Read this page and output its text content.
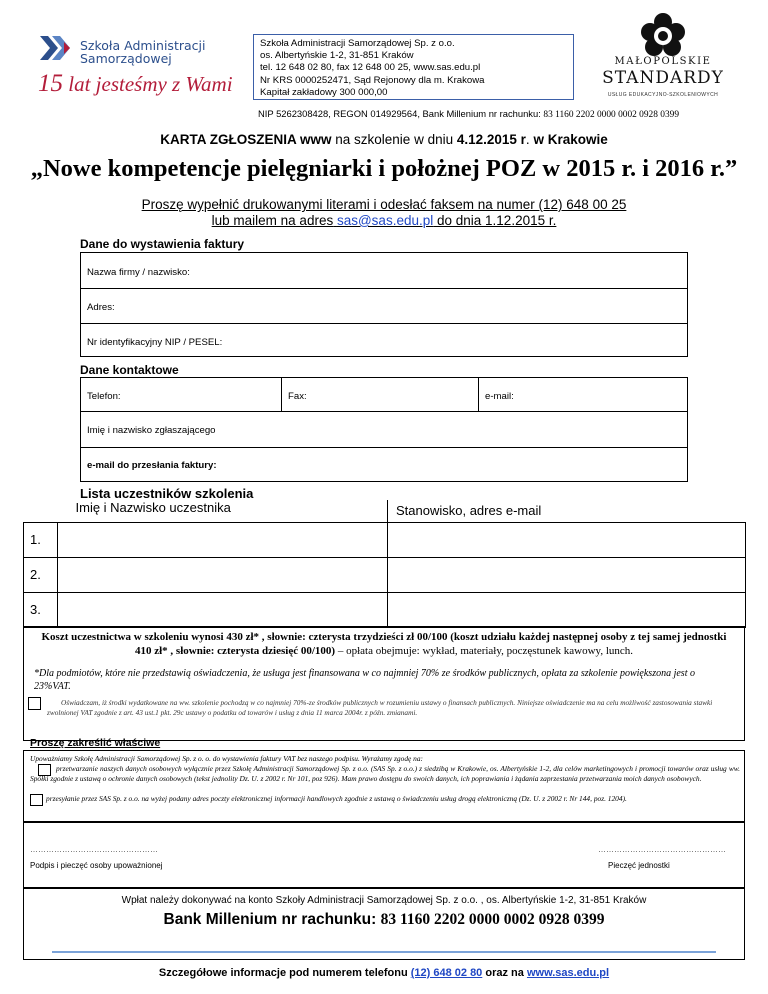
Szkoła Administracji
Samorządowej
15 lat jesteśmy z Wami
Szkoła Administracji Samorządowej Sp. z o.o.
os. Albertyńskie 1-2, 31-851 Kraków
tel. 12 648 02 80, fax 12 648 00 25, www.sas.edu.pl
Nr KRS 0000252471, Sąd Rejonowy dla m. Krakowa
Kapitał zakładowy 300 000,00
MAŁOPOLSKIE
STANDARDY
USŁUG EDUKACYJNO-SZKOLENIOWYCH
NIP 5262308428, REGON 014929564, Bank Millenium nr rachunku: 83 1160 2202 0000 0002 0928 0399
KARTA ZGŁOSZENIA www na szkolenie w dniu 4.12.2015 r. w Krakowie
„Nowe kompetencje pielęgniarki i położnej POZ w 2015 r. i 2016 r.”
Proszę wypełnić drukowanymi literami i odesłać faksem na numer (12) 648 00 25
lub mailem na adres sas@sas.edu.pl do dnia 1.12.2015 r.
Dane do wystawienia faktury
Nazwa firmy / nazwisko:
Adres:
Nr identyfikacyjny NIP / PESEL:
Dane kontaktowe
Telefon:	Fax:	e-mail:
Imię i nazwisko zgłaszającego
e-mail do przesłania faktury:
Lista uczestników szkolenia
	Imię i Nazwisko uczestnika	Stanowisko, adres e-mail
1.		
2.		
3.		
Koszt uczestnictwa w szkoleniu wynosi 430 zł* , słownie: czterysta trzydzieści zł 00/100 (koszt udziału każdej następnej osoby z tej samej jednostki 410 zł* , słownie: czterysta dziesięć 00/100) – opłata obejmuje: wykład, materiały, poczęstunek kawowy, lunch.
*Dla podmiotów, które nie przedstawią oświadczenia, że usługa jest finansowana w co najmniej 70% ze środków publicznych, opłata za szkolenie powiększona jest o 23%VAT.
Oświadczam, iż środki wydatkowane na ww. szkolenie pochodzą w co najmniej 70%-ze środków publicznych w rozumieniu ustawy o finansach publicznych. Niniejsze oświadczenie ma na celu możliwość zastosowania stawki zwolnionej VAT zgodnie z art. 43 ust.1 pkt. 29c ustawy o podatku od towarów i usług z dnia 11 marca 2004r. z późn. zmianami.
Proszę zakreślić właściwe
Upoważniamy Szkołę Administracji Samorządowej Sp. z o. o. do wystawienia faktury VAT bez naszego podpisu. Wyrażamy zgodę na:
przetwarzanie naszych danych osobowych wyłącznie przez Szkołę Administracji Samorządowej Sp. z o.o. (SAS Sp. z o.o.) z siedzibą w Krakowie, os. Albertyńskie 1-2, dla celów marketingowych i promocji towarów oraz usług ww. Spółki zgodnie z ustawą o ochronie danych osobowych (tekst jednolity Dz. U. z 2002 r. Nr 101, poz 926). Mam prawo dostępu do swoich danych, ich poprawiania i żądania zaprzestania przetwarzania moich danych osobowych.
przesyłanie przez SAS Sp. z o.o. na wyżej podany adres poczty elektronicznej informacji handlowych zgodnie z ustawą o świadczeniu usług drogą elektroniczną (Dz. U. z 2002 r. Nr 144, poz. 1204).
…………………………………………
Podpis i pieczęć osoby upoważnionej
…………………………………………
Pieczęć jednostki
Wpłat należy dokonywać na konto Szkoły Administracji Samorządowej Sp. z o.o. , os. Albertyńskie 1-2, 31-851 Kraków
Bank Millenium nr rachunku: 83 1160 2202 0000 0002 0928 0399
Szczegółowe informacje pod numerem telefonu (12) 648 02 80 oraz na www.sas.edu.pl
